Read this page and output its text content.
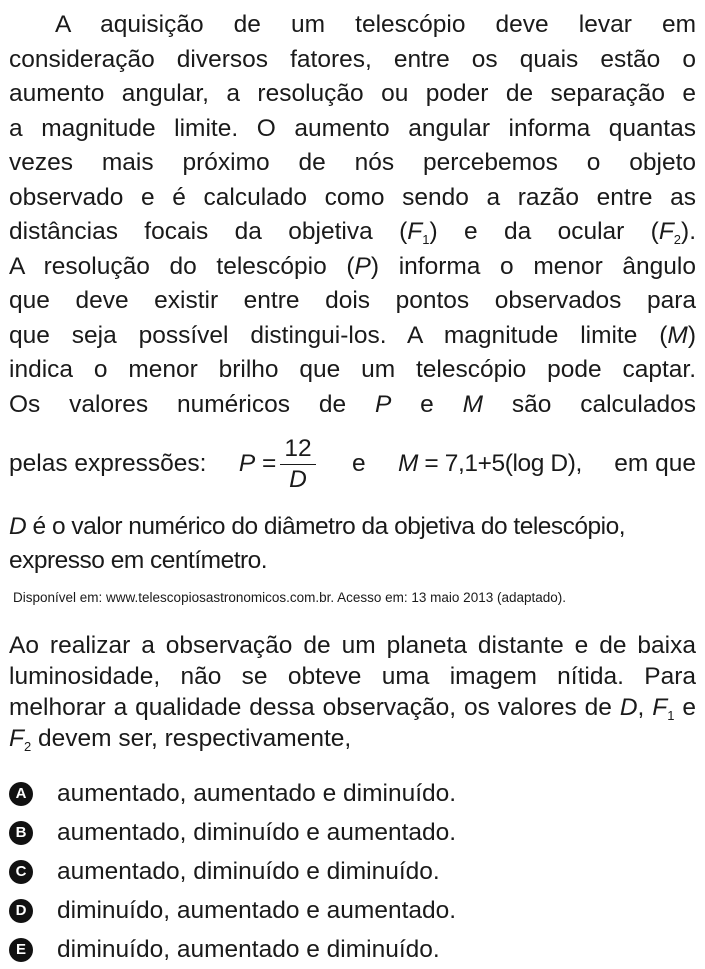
A aquisição de um telescópio deve levar em
consideração diversos fatores, entre os quais estão o
aumento angular, a resolução ou poder de separação e
a magnitude limite. O aumento angular informa quantas
vezes mais próximo de nós percebemos o objeto
observado e é calculado como sendo a razão entre as
distâncias focais da objetiva $(F_1)$ e da ocular $(F_2)$.
A resolução do telescópio (P) informa o menor ângulo
que deve existir entre dois pontos observados para
que seja possível distingui-los. A magnitude limite (M)
indica o menor brilho que um telescópio pode captar.
Os valores numéricos de P e M são calculados
pelas expressões: P
= $\frac{12}{D}$ e M
=
7,1+5(log D), em que

D é o valor numérico do diâmetro da objetiva do telescópio,
expresso em centímetro.

Disponível em: www.telescopiosastronomicos.com.br. Acesso em: 13 maio 2013 (adaptado).

Ao realizar a observação de um planeta distante e de baixa luminosidade, não se obteve uma imagem nítida. Para melhorar a qualidade dessa observação, os valores de D, $F_1$ e $F_2$ devem ser, respectivamente,

A aumentado, aumentado e diminuído.
B aumentado, diminuído e aumentado.
C aumentado, diminuído e diminuído.
D diminuído, aumentado e aumentado.
E diminuído, aumentado e diminuído.
